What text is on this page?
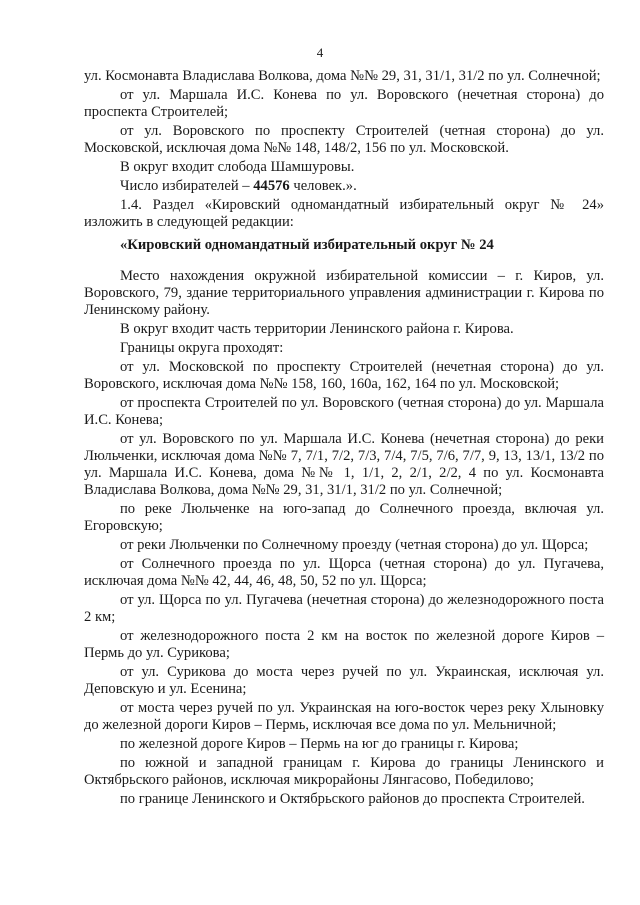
4

ул. Космонавта Владислава Волкова, дома №№ 29, 31, 31/1, 31/2 по ул. Солнечной;

от ул. Маршала И.С. Конева по ул. Воровского (нечетная сторона) до проспекта Строителей;

от ул. Воровского по проспекту Строителей (четная сторона) до ул. Московской, исключая дома №№ 148, 148/2, 156 по ул. Московской.

В округ входит слобода Шамшуровы.

Число избирателей – 44576 человек.».

1.4. Раздел «Кировский одномандатный избирательный округ № 24» изложить в следующей редакции:

«Кировский одномандатный избирательный округ № 24

Место нахождения окружной избирательной комиссии – г. Киров, ул. Воровского, 79, здание территориального управления администрации г. Кирова по Ленинскому району.

В округ входит часть территории Ленинского района г. Кирова.

Границы округа проходят:

от ул. Московской по проспекту Строителей (нечетная сторона) до ул. Воровского, исключая дома №№ 158, 160, 160а, 162, 164 по ул. Московской;

от проспекта Строителей по ул. Воровского (четная сторона) до ул. Маршала И.С. Конева;

от ул. Воровского по ул. Маршала И.С. Конева (нечетная сторона) до реки Люльченки, исключая дома №№ 7, 7/1, 7/2, 7/3, 7/4, 7/5, 7/6, 7/7, 9, 13, 13/1, 13/2 по ул. Маршала И.С. Конева, дома №№ 1, 1/1, 2, 2/1, 2/2, 4 по ул. Космонавта Владислава Волкова, дома №№ 29, 31, 31/1, 31/2 по ул. Солнечной;

по реке Люльченке на юго-запад до Солнечного проезда, включая ул. Егоровскую;

от реки Люльченки по Солнечному проезду (четная сторона) до ул. Щорса;

от Солнечного проезда по ул. Щорса (четная сторона) до ул. Пугачева, исключая дома №№ 42, 44, 46, 48, 50, 52 по ул. Щорса;

от ул. Щорса по ул. Пугачева (нечетная сторона) до железнодорожного поста 2 км;

от железнодорожного поста 2 км на восток по железной дороге Киров – Пермь до ул. Сурикова;

от ул. Сурикова до моста через ручей по ул. Украинская, исключая ул. Деповскую и ул. Есенина;

от моста через ручей по ул. Украинская на юго-восток через реку Хлыновку до железной дороги Киров – Пермь, исключая все дома по ул. Мельничной;

по железной дороге Киров – Пермь на юг до границы г. Кирова;

по южной и западной границам г. Кирова до границы Ленинского и Октябрьского районов, исключая микрорайоны Лянгасово, Победилово;

по границе Ленинского и Октябрьского районов до проспекта Строителей.
